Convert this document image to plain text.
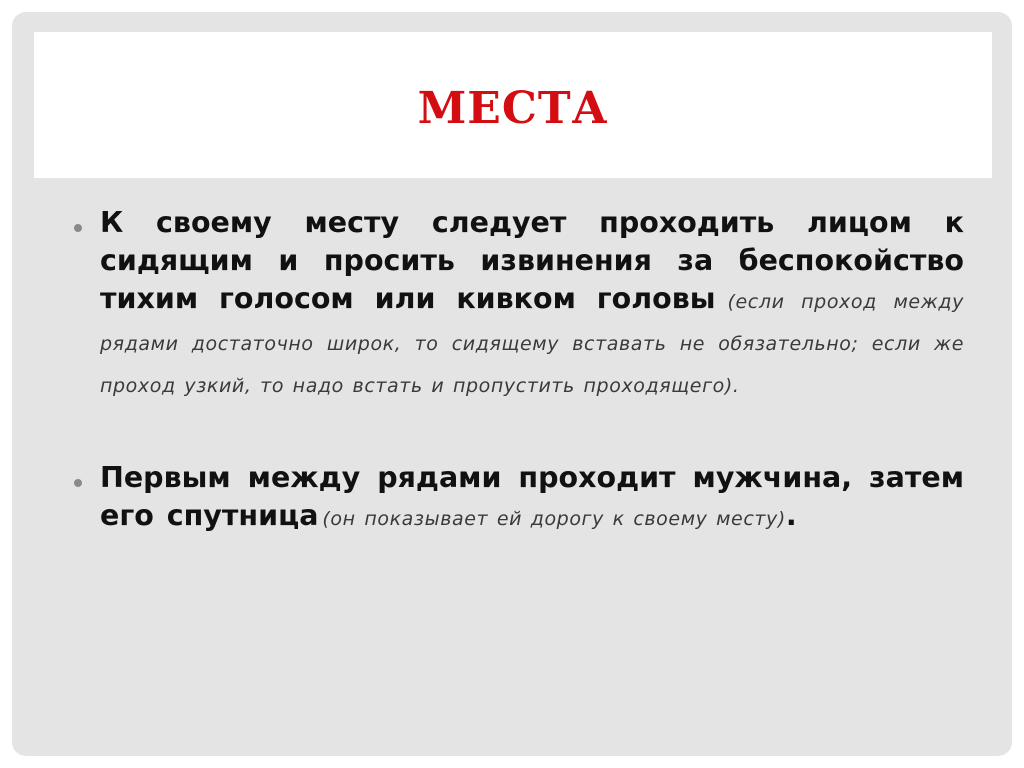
МЕСТА
К своему месту следует проходить лицом к сидящим и просить извинения за беспокойство тихим голосом или кивком головы (если проход между рядами достаточно широк, то сидящему вставать не обязательно; если же проход узкий, то надо встать и пропустить проходящего).
Первым между рядами проходит мужчина, затем его спутница (он показывает ей дорогу к своему месту).
